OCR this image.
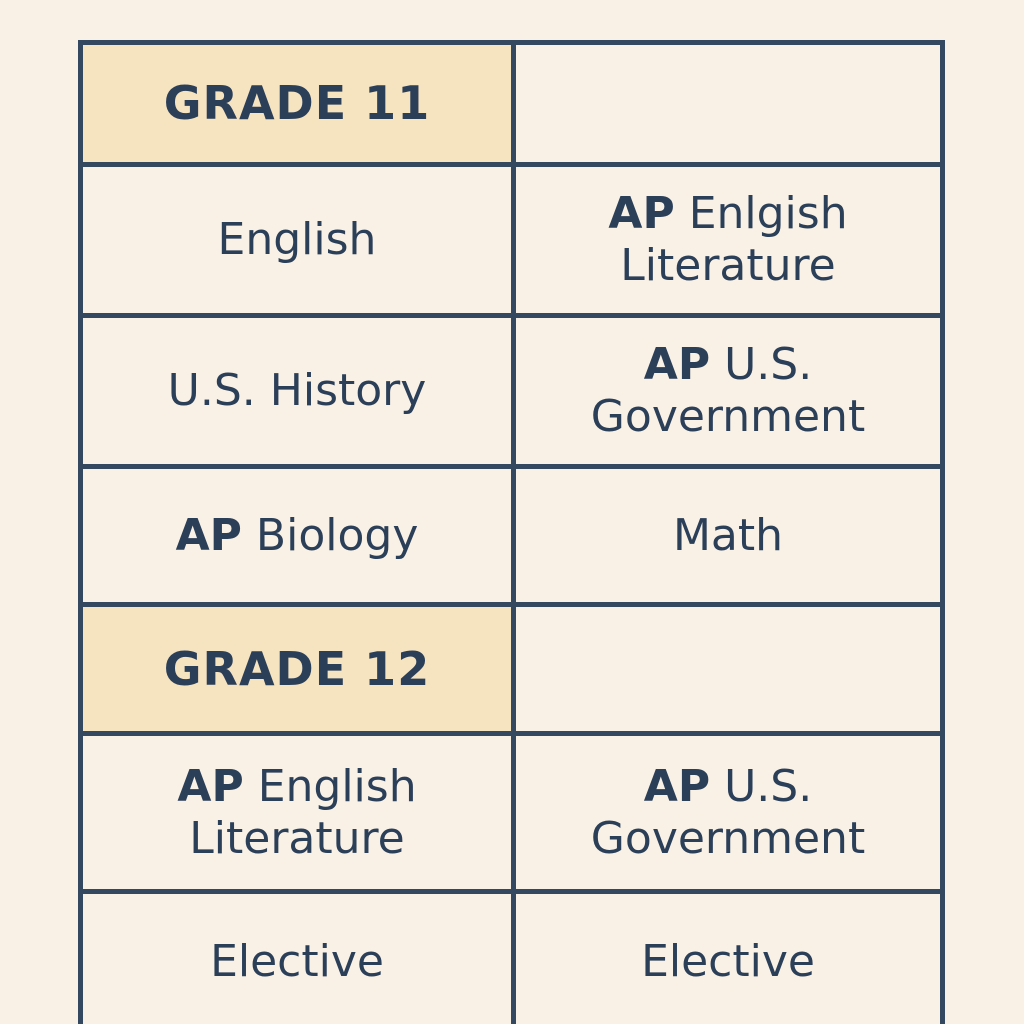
GRADE 11
English
AP Enlgish
Literature
U.S. History
AP U.S.
Government
AP Biology	Math
GRADE 12
AP English
Literature
AP U.S.
Government
Elective	Elective
